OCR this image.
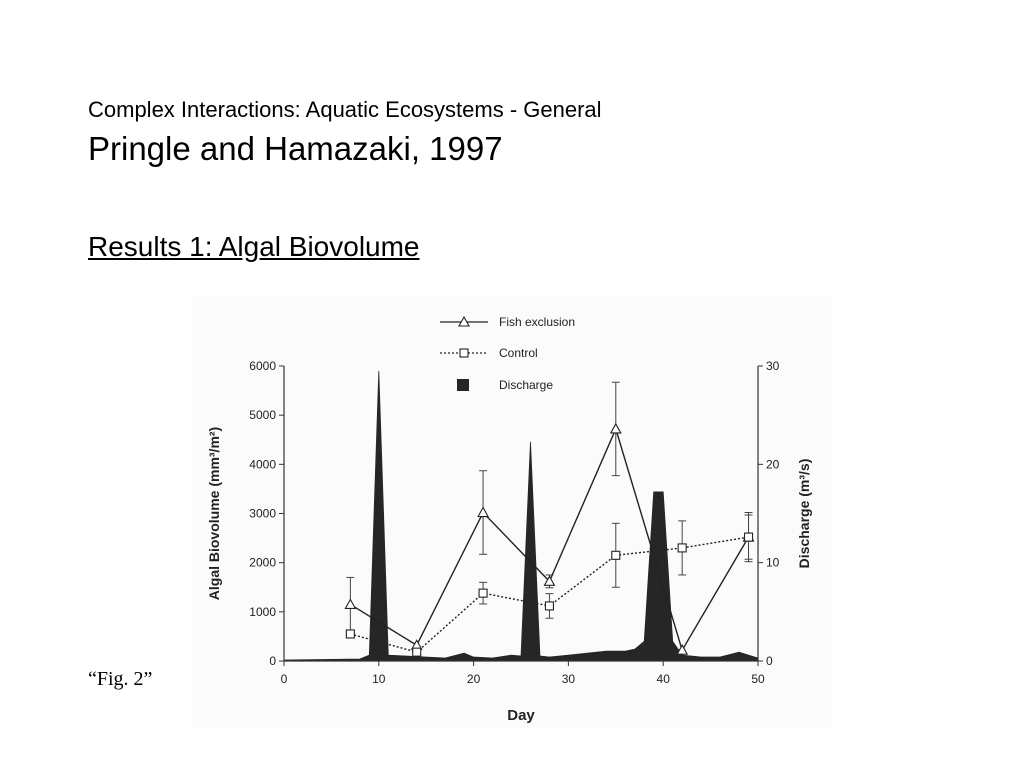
Complex Interactions: Aquatic Ecosystems - General
Pringle and Hamazaki, 1997
Results 1: Algal Biovolume
“Fig. 2”
Fish exclusion
Control
Discharge
0	10	20	30	40	50
0
1000
2000
3000
4000
5000
6000
0
10
20
30
Day
Algal Biovolume (mm³/m²)	Discharge (m³/s)
